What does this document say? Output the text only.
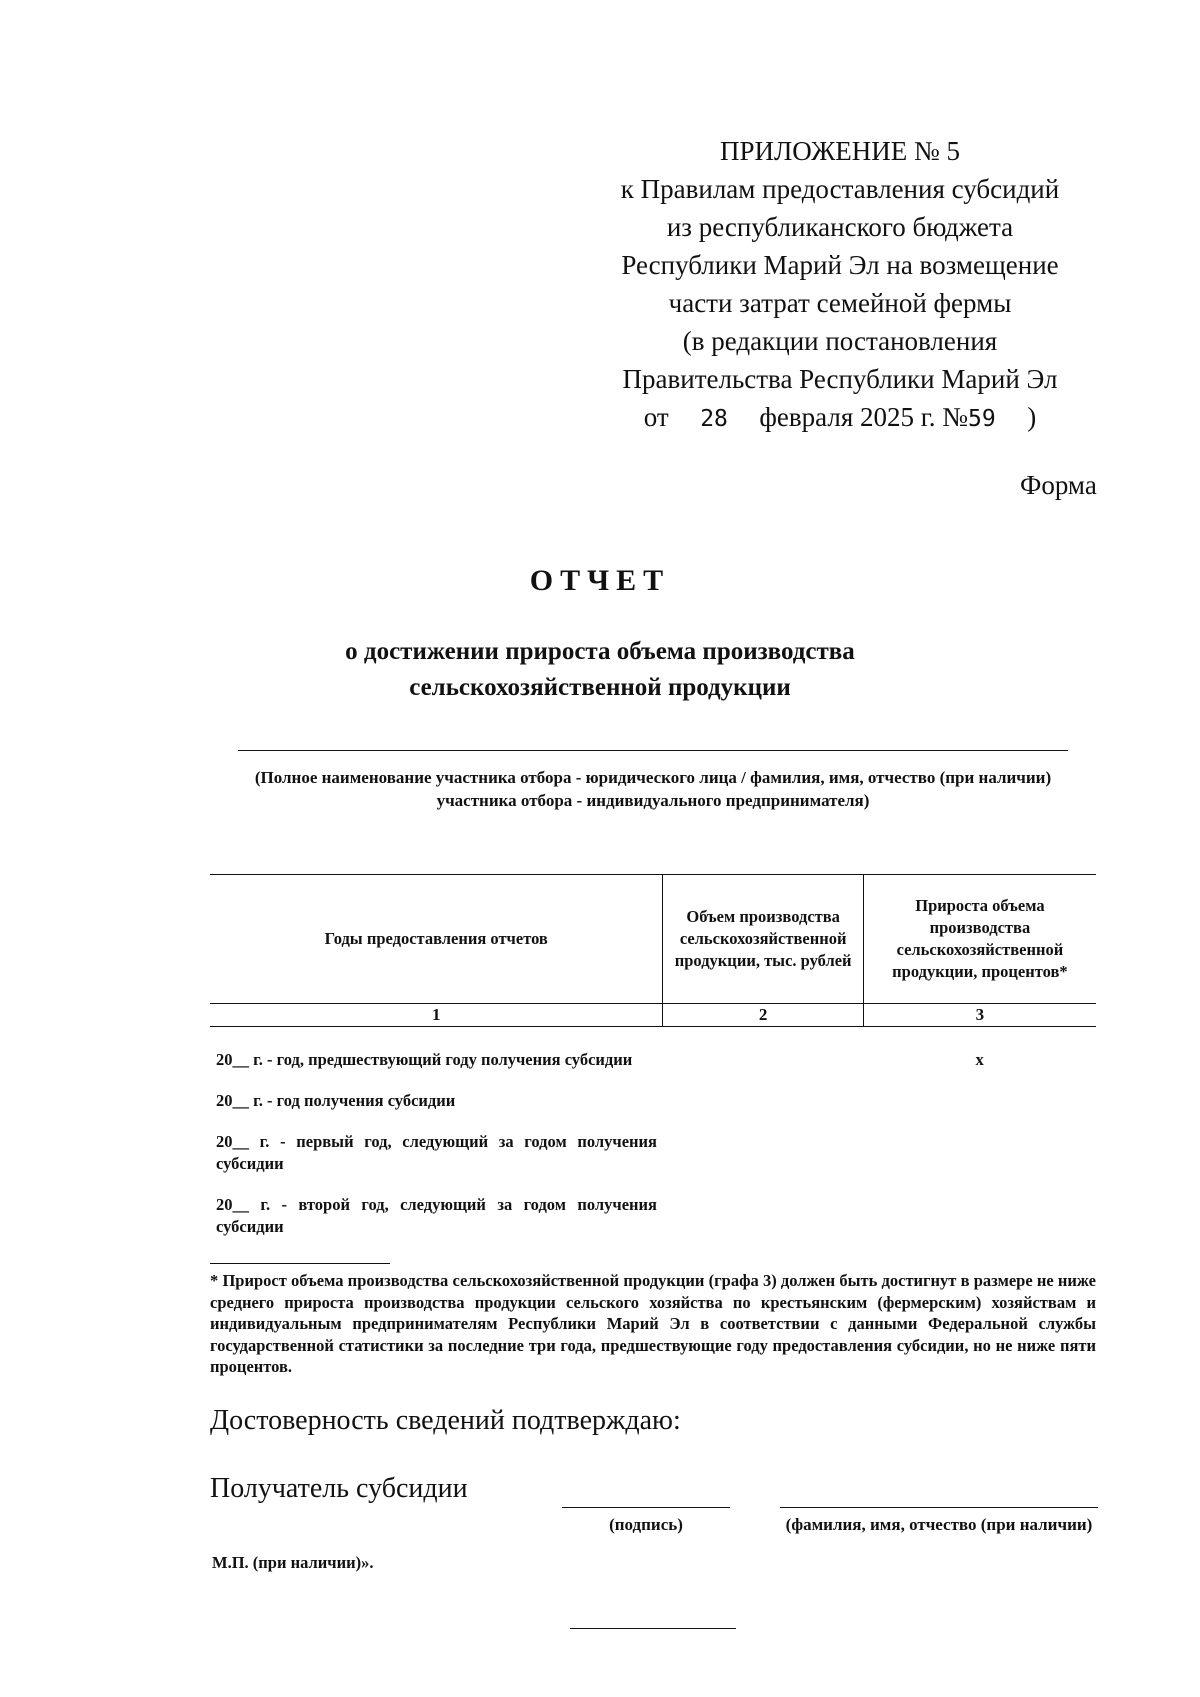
ПРИЛОЖЕНИЕ № 5
к Правилам предоставления субсидий
из республиканского бюджета
Республики Марий Эл на возмещение
части затрат семейной фермы
(в редакции постановления
Правительства Республики Марий Эл
от 28 февраля 2025 г. №59 )
Форма
ОТЧЕТ
о достижении прироста объема производства
сельскохозяйственной продукции
(Полное наименование участника отбора - юридического лица / фамилия, имя, отчество (при наличии)
участника отбора - индивидуального предпринимателя)
Годы предоставления отчетов	Объем производства сельскохозяйственной продукции, тыс. рублей	Прироста объема производства сельскохозяйственной продукции, процентов*

1	2	3

20__ г. - год, предшествующий году получения субсидии		x

20__ г. - год получения субсидии		

20__ г. - первый год, следующий за годом получения субсидии		

20__ г. - второй год, следующий за годом получения субсидии		

* Прирост объема производства сельскохозяйственной продукции (графа 3) должен быть достигнут в размере не ниже среднего прироста производства продукции сельского хозяйства по крестьянским (фермерским) хозяйствам и индивидуальным предпринимателям Республики Марий Эл в соответствии с данными Федеральной службы государственной статистики за последние три года, предшествующие году предоставления субсидии, но не ниже пяти процентов.
Достоверность сведений подтверждаю:
Получатель субсидии
(подпись)	(фамилия, имя, отчество (при наличии)
М.П. (при наличии)».
